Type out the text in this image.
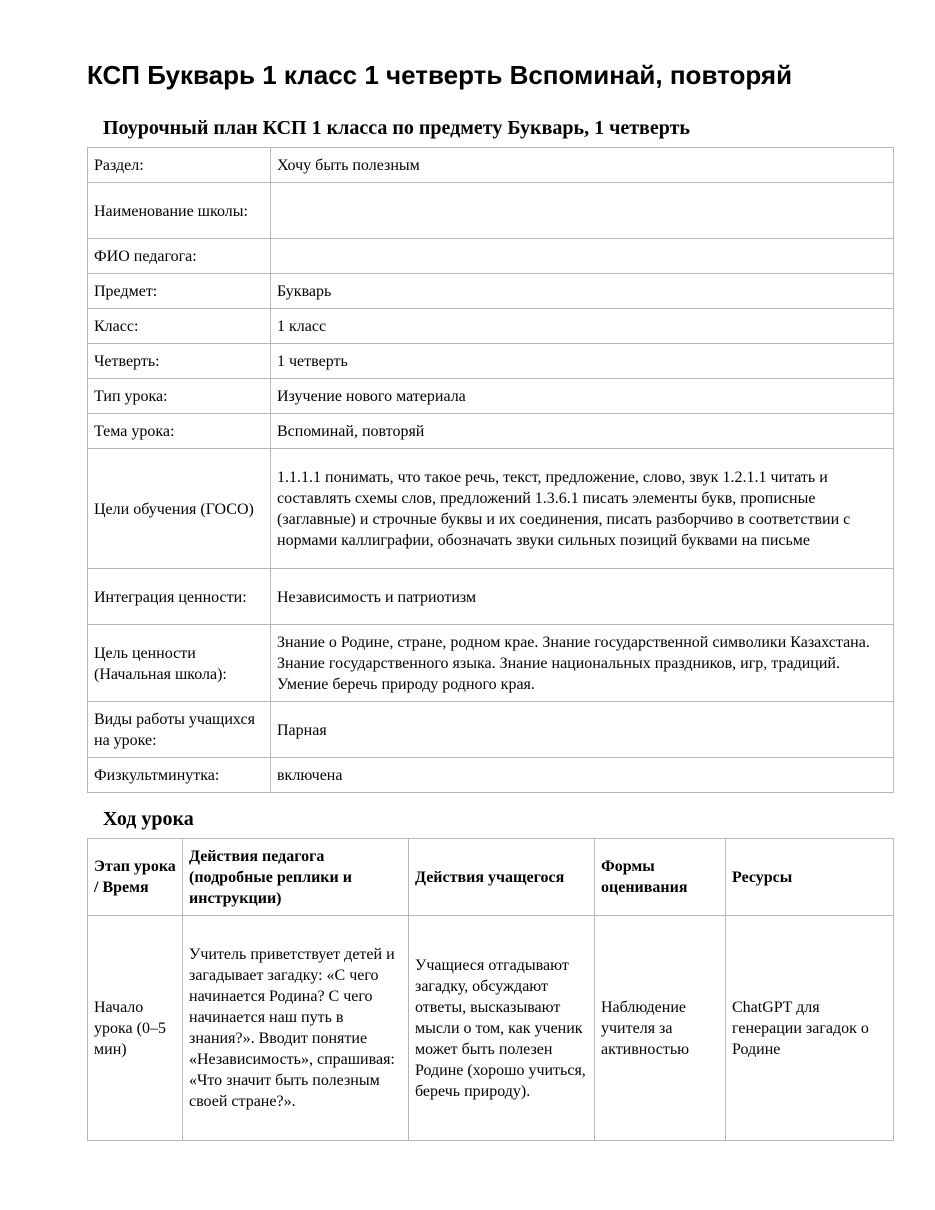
КСП Букварь 1 класс 1 четверть Вспоминай, повторяй
Поурочный план КСП 1 класса по предмету Букварь, 1 четверть
Раздел:	Хочу быть полезным
Наименование школы:	
ФИО педагога:	
Предмет:	Букварь
Класс:	1 класс
Четверть:	1 четверть
Тип урока:	Изучение нового материала
Тема урока:	Вспоминай, повторяй
Цели обучения (ГОСО)	1.1.1.1 понимать, что такое речь, текст, предложение, слово, звук 1.2.1.1 читать и составлять схемы слов, предложений 1.3.6.1 писать элементы букв, прописные (заглавные) и строчные буквы и их соединения, писать разборчиво в соответствии с нормами каллиграфии, обозначать звуки сильных позиций буквами на письме
Интеграция ценности:	Независимость и патриотизм
Цель ценности (Начальная школа):	Знание о Родине, стране, родном крае. Знание государственной символики Казахстана. Знание государственного языка. Знание национальных праздников, игр, традиций. Умение беречь природу родного края.
Виды работы учащихся на уроке:	Парная
Физкультминутка:	включена
Ход урока
Этап урока / Время	Действия педагога (подробные реплики и инструкции)	Действия учащегося	Формы оценивания	Ресурсы
Начало урока (0–5 мин)	Учитель приветствует детей и загадывает загадку: «С чего начинается Родина? С чего начинается наш путь в знания?». Вводит понятие «Независимость», спрашивая: «Что значит быть полезным своей стране?».	Учащиеся отгадывают загадку, обсуждают ответы, высказывают мысли о том, как ученик может быть полезен Родине (хорошо учиться, беречь природу).	Наблюдение учителя за активностью	ChatGPT для генерации загадок о Родине
